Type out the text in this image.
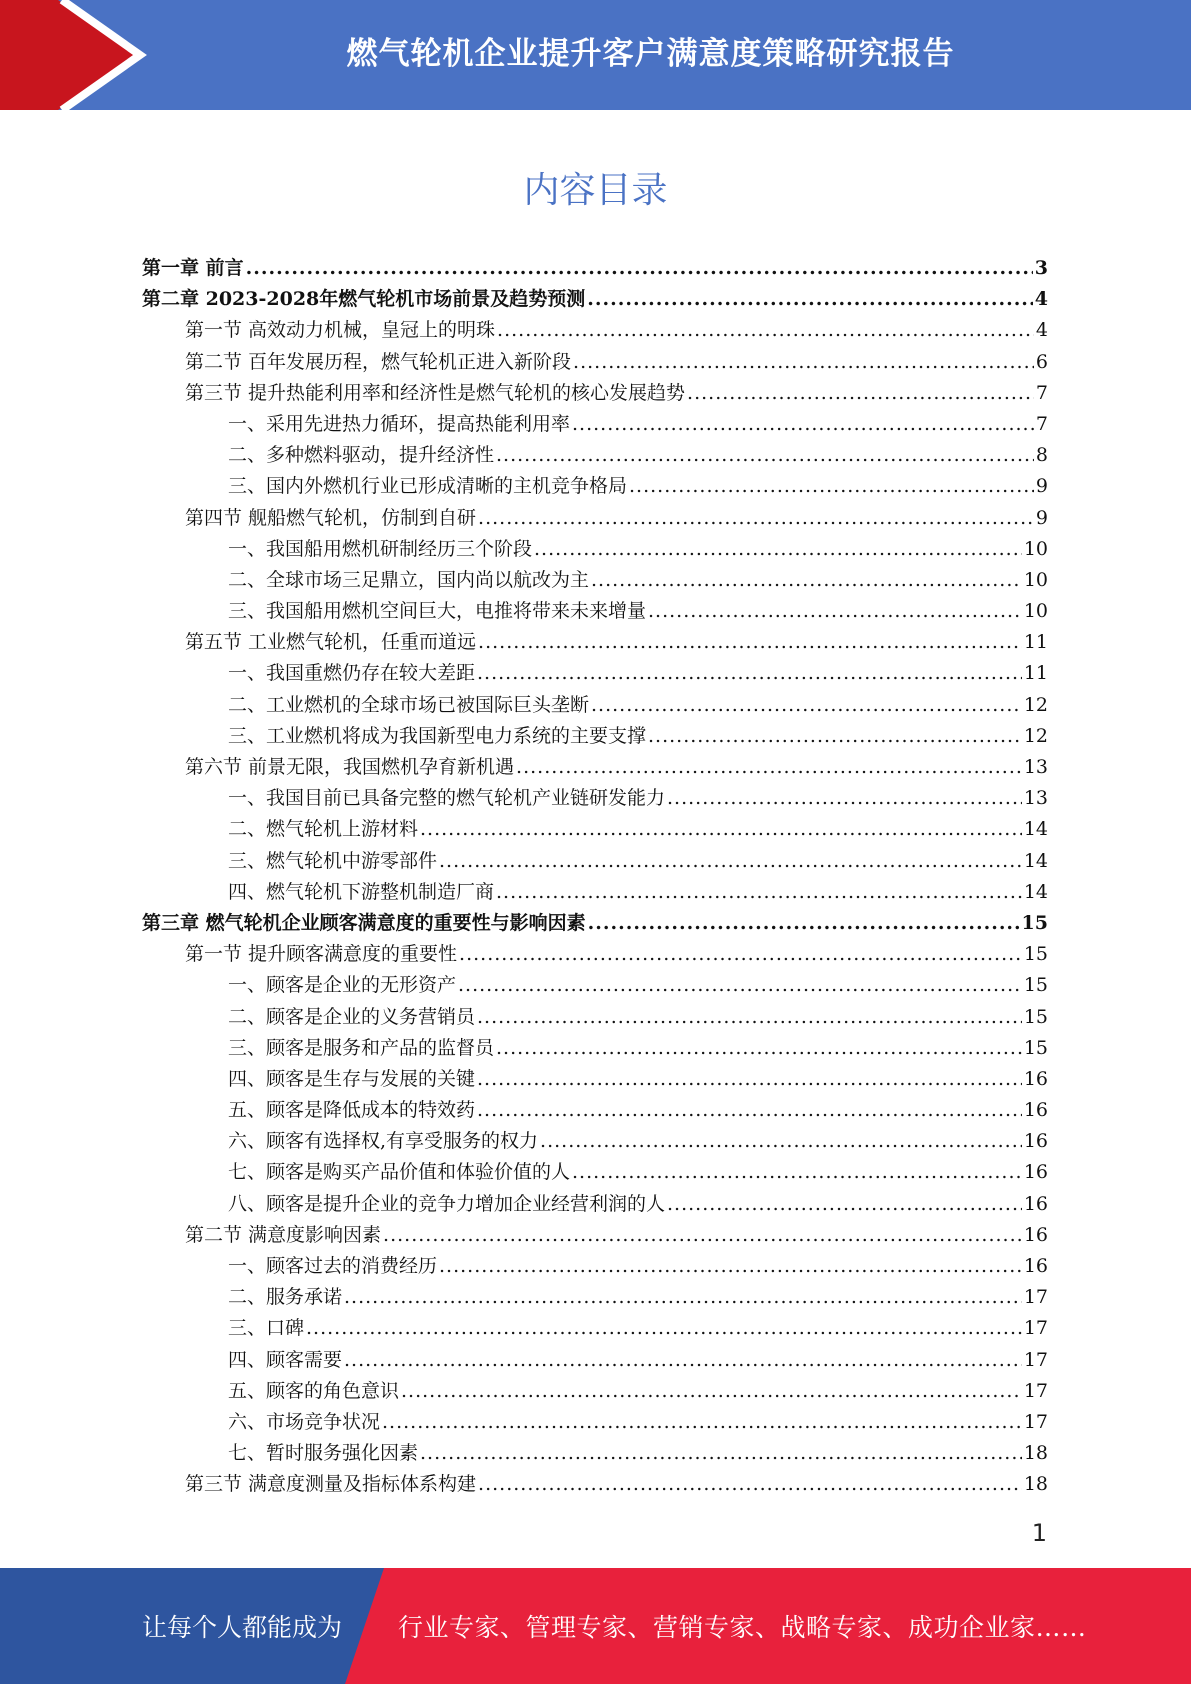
燃气轮机企业提升客户满意度策略研究报告
内容目录
第一章 前言 .....	3
第二章 2023-2028年燃气轮机市场前景及趋势预测 .....	4
第一节 高效动力机械，皇冠上的明珠 .....	4
第二节 百年发展历程，燃气轮机正进入新阶段 .....	6
第三节 提升热能利用率和经济性是燃气轮机的核心发展趋势 .....	7
一、采用先进热力循环，提高热能利用率 .....	7
二、多种燃料驱动，提升经济性 .....	8
三、国内外燃机行业已形成清晰的主机竞争格局 .....	9
第四节 舰船燃气轮机，仿制到自研 .....	9
一、我国船用燃机研制经历三个阶段 .....	10
二、全球市场三足鼎立，国内尚以航改为主 .....	10
三、我国船用燃机空间巨大，电推将带来未来增量 .....	10
第五节 工业燃气轮机，任重而道远 .....	11
一、我国重燃仍存在较大差距 .....	11
二、工业燃机的全球市场已被国际巨头垄断 .....	12
三、工业燃机将成为我国新型电力系统的主要支撑 .....	12
第六节 前景无限，我国燃机孕育新机遇 .....	13
一、我国目前已具备完整的燃气轮机产业链研发能力 .....	13
二、燃气轮机上游材料 .....	14
三、燃气轮机中游零部件 .....	14
四、燃气轮机下游整机制造厂商 .....	14
第三章 燃气轮机企业顾客满意度的重要性与影响因素 .....	15
第一节 提升顾客满意度的重要性 .....	15
一、顾客是企业的无形资产 .....	15
二、顾客是企业的义务营销员 .....	15
三、顾客是服务和产品的监督员 .....	15
四、顾客是生存与发展的关键 .....	16
五、顾客是降低成本的特效药 .....	16
六、顾客有选择权,有享受服务的权力 .....	16
七、顾客是购买产品价值和体验价值的人 .....	16
八、顾客是提升企业的竞争力增加企业经营利润的人 .....	16
第二节 满意度影响因素 .....	16
一、顾客过去的消费经历 .....	16
二、服务承诺 .....	17
三、口碑 .....	17
四、顾客需要 .....	17
五、顾客的角色意识 .....	17
六、市场竞争状况 .....	17
七、暂时服务强化因素 .....	18
第三节 满意度测量及指标体系构建 .....	18
1
让每个人都能成为 行业专家、管理专家、营销专家、战略专家、成功企业家……
